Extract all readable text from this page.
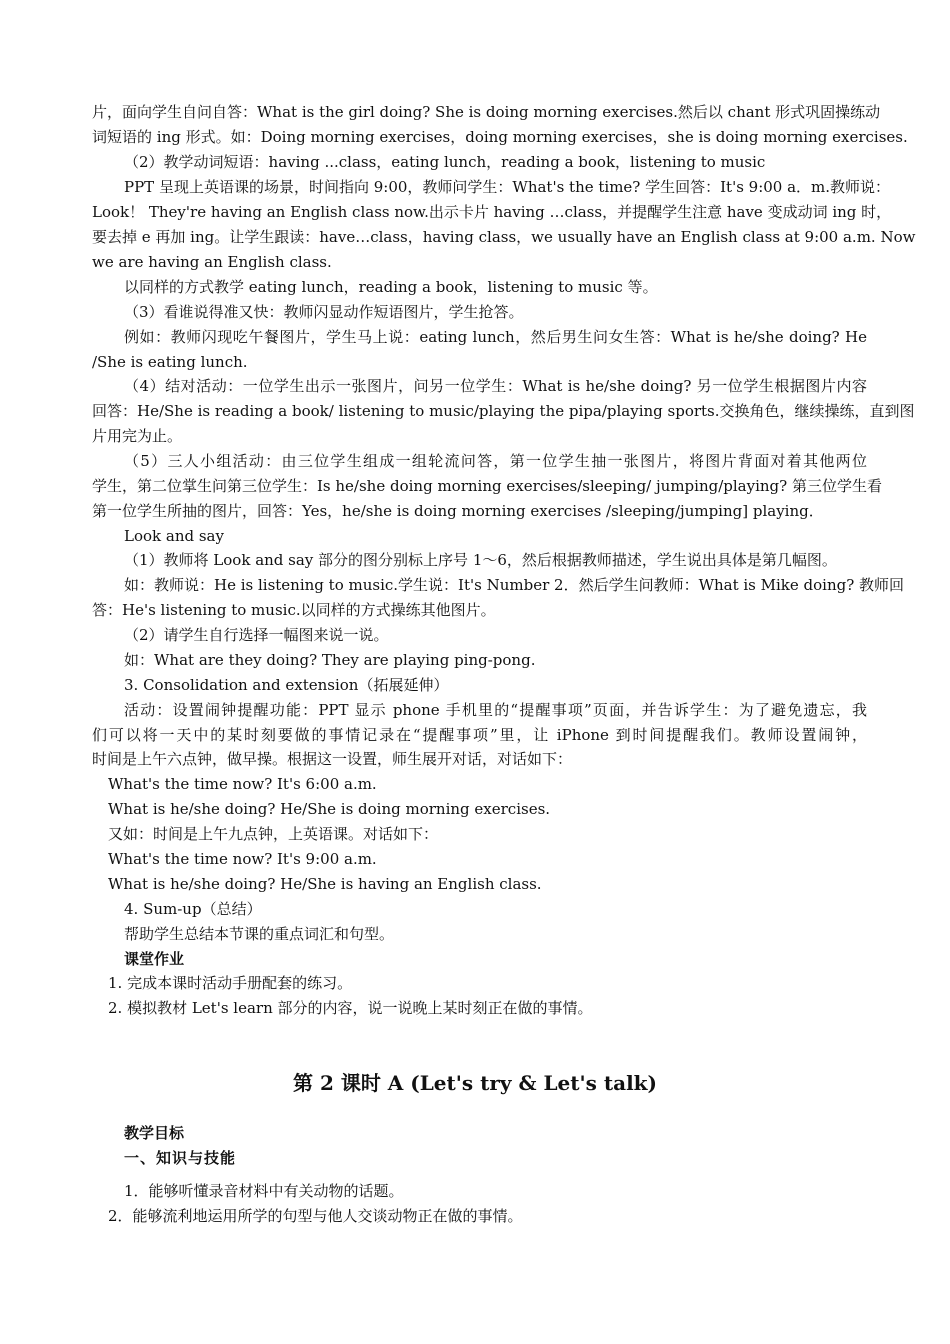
片，面向学生自问自答：What is the girl doing? She is doing morning exercises.然后以 chant 形式巩固操练动
词短语的 ing 形式。如：Doing morning exercises，doing morning exercises，she is doing morning exercises.
（2）教学动词短语：having ...class，eating lunch，reading a book，listening to music
PPT 呈现上英语课的场景，时间指向 9:00，教师问学生：What's the time? 学生回答：It's 9:00 a．m.教师说：
Look！ They're having an English class now.出示卡片 having …class，并提醒学生注意 have 变成动词 ing 时，
要去掉 e 再加 ing。让学生跟读：have…class，having class，we usually have an English class at 9:00 a.m. Now
we are having an English class.
以同样的方式教学 eating lunch，reading a book，listening to music 等。
（3）看谁说得准又快：教师闪显动作短语图片，学生抢答。
例如：教师闪现吃午餐图片，学生马上说：eating lunch，然后男生问女生答：What is he/she doing? He
/She is eating lunch.
（4）结对活动：一位学生出示一张图片，问另一位学生：What is he/she doing? 另一位学生根据图片内容
回答：He/She is reading a book/ listening to music/playing the pipa/playing sports.交换角色，继续操练，直到图
片用完为止。
（5）三人小组活动：由三位学生组成一组轮流问答，第一位学生抽一张图片，将图片背面对着其他两位
学生，第二位掌生问第三位学生：Is he/she doing morning exercises/sleeping/ jumping/playing? 第三位学生看
第一位学生所抽的图片，回答：Yes，he/she is doing morning exercises /sleeping/jumping] playing．
Look and say
（1）教师将 Look and say 部分的图分别标上序号 1～6，然后根据教师描述，学生说出具体是第几幅图。
如：教师说：He is listening to music.学生说：It's Number 2．然后学生问教师：What is Mike doing? 教师回
答：He's listening to music.以同样的方式操练其他图片。
（2）请学生自行选择一幅图来说一说。
如：What are they doing? They are playing ping-pong.
3. Consolidation and extension（拓展延伸）
活动：设置闹钟提醒功能：PPT 显示 phone 手机里的“提醒事项”页面，并告诉学生：为了避免遗忘，我
们可以将一天中的某时刻要做的事情记录在“提醒事项”里，让 iPhone 到时间提醒我们。教师设置闹钟，
时间是上午六点钟，做早操。根据这一设置，师生展开对话，对话如下：
What's the time now? It's 6:00 a.m.
What is he/she doing? He/She is doing morning exercises.
又如：时间是上午九点钟，上英语课。对话如下：
What's the time now? It's 9:00 a.m.
What is he/she doing? He/She is having an English class.
4. Sum-up（总结）
帮助学生总结本节课的重点词汇和句型。
课堂作业
1. 完成本课时活动手册配套的练习。
2. 模拟教材 Let's learn 部分的内容，说一说晚上某时刻正在做的事情。
第 2 课时 A (Let's try & Let's talk)
教学目标
一、知识与技能
1．能够听懂录音材料中有关动物的话题。
2．能够流利地运用所学的句型与他人交谈动物正在做的事情。
